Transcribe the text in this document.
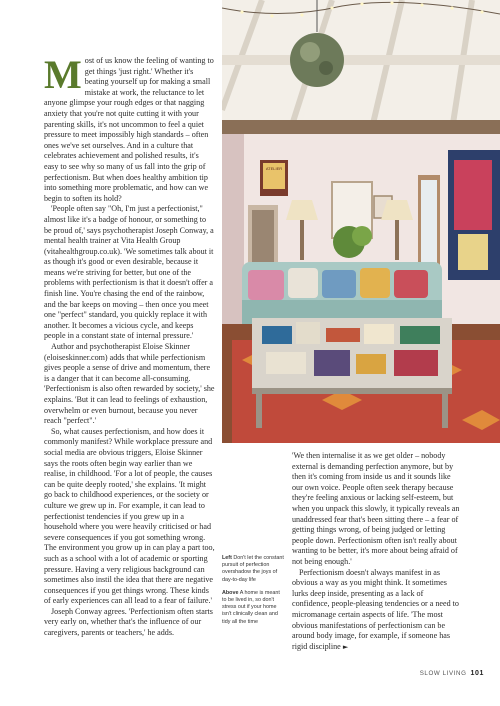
Most of us know the feeling of wanting to get things 'just right.' Whether it's beating yourself up for making a small mistake at work, the reluctance to let anyone glimpse your rough edges or that nagging anxiety that you're not quite cutting it with your parenting skills, it's not uncommon to feel a quiet pressure to meet impossibly high standards – often ones we've set ourselves. And in a culture that celebrates achievement and polished results, it's easy to see why so many of us fall into the grip of perfectionism. But when does healthy ambition tip into something more problematic, and how can we begin to soften its hold?

'People often say "Oh, I'm just a perfectionist," almost like it's a badge of honour, or something to be proud of,' says psychotherapist Joseph Conway, a mental health trainer at Vita Health Group (vitahealthgroup.co.uk). 'We sometimes talk about it as though it's good or even desirable, because it means we're striving for better, but one of the problems with perfectionism is that it doesn't offer a finish line. You're chasing the end of the rainbow, and the bar keeps on moving – then once you meet one "perfect" standard, you quickly replace it with another. It becomes a vicious cycle, and keeps people in a constant state of internal pressure.'

Author and psychotherapist Eloise Skinner (eloiseskinner.com) adds that while perfectionism gives people a sense of drive and momentum, there is a danger that it can become all-consuming. 'Perfectionism is also often rewarded by society,' she explains. 'But it can lead to feelings of exhaustion, overwhelm or even burnout, because you never reach "perfect".'

So, what causes perfectionism, and how does it commonly manifest? While workplace pressure and social media are obvious triggers, Eloise Skinner says the roots often begin way earlier than we realise, in childhood. 'For a lot of people, the causes can be quite deeply rooted,' she explains. 'It might go back to childhood experiences, or the society or culture we grew up in. For example, it can lead to perfectionist tendencies if you grew up in a household where you were heavily criticised or had severe consequences if you got something wrong. The environment you grow up in can play a part too, such as a school with a lot of academic or sporting pressure. Having a very religious background can sometimes also instil the idea that there are negative consequences if you get things wrong. These kinds of early experiences can all lead to a fear of failure.'

Joseph Conway agrees. 'Perfectionism often starts very early on, whether that's the influence of our caregivers, parents or teachers,' he adds.

ATELIER

Left Don't let the constant pursuit of perfection overshadow the joys of day-to-day life

Above A home is meant to be lived in, so don't stress out if your home isn't clinically clean and tidy all the time

'We then internalise it as we get older – nobody external is demanding perfection anymore, but by then it's coming from inside us and it sounds like our own voice. People often seek therapy because they're feeling anxious or lacking self-esteem, but when you unpack this slowly, it typically reveals an unaddressed fear that's been sitting there – a fear of getting things wrong, of being judged or letting people down. Perfectionism often isn't really about wanting to be better, it's more about being afraid of not being enough.'

Perfectionism doesn't always manifest in as obvious a way as you might think. It sometimes lurks deep inside, presenting as a lack of confidence, people-pleasing tendencies or a need to micromanage certain aspects of life. 'The most obvious manifestations of perfectionism can be around body image, for example, if someone has rigid discipline ►

SLOW LIVING 101
